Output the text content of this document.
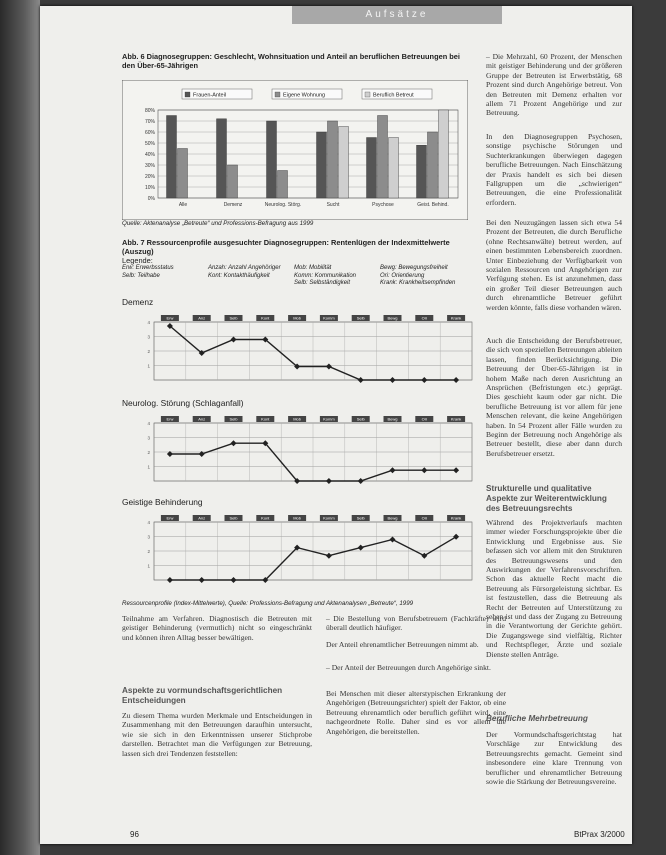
Aufsätze
Abb. 6 Diagnosegruppen: Geschlecht, Wohnsituation und Anteil an beruflichen Betreuungen bei den Über-65-Jährigen
Frauen-Anteil	Eigene Wohnung	Beruflich Betreut
0%
10%
20%
30%
40%
50%
60%
70%
80%
Alle	Demenz	Neurolog. Störg.	Sucht	Psychose	Geist. Behind.
Quelle: Aktenanalyse „Betreute“ und Professions-Befragung aus 1999
Abb. 7 Ressourcenprofile ausgesuchter Diagnosegruppen: Rentenlügen der Indexmittelwerte (Auszug)
Legende:
Erw: Erwerbsstatus	Anzah: Anzahl Angehöriger	Mob: Mobilität	Bewg: Bewegungsfreiheit
Selb: Teilhabe	Kont: Kontakthäufigkeit	Komm: Kommunikation	Ori: Orientierung
Selb: Selbständigkeit	Krank: Krankheitsempfinden
Demenz
4
3
2
1
Erw	Anz	Selb	Kont	Mob	Komm	Selb	Bewg	Ori	Krank
Neurolog. Störung (Schlaganfall)
4
3
2
1
Erw	Anz	Selb	Kont	Mob	Komm	Selb	Bewg	Ori	Krank
Geistige Behinderung
4
3
2
1
Erw	Anz	Selb	Kont	Mob	Komm	Selb	Bewg	Ori	Krank
Ressourcenprofile (Index-Mittelwerte), Quelle: Professions-Befragung und Aktenanalysen „Betreute“, 1999
Teilnahme am Verfahren. Diagnostisch die Betreuten mit geistiger Behinderung (vermutlich) nicht so eingeschränkt und können ihren Alltag besser bewältigen.
Aspekte zu vormundschaftsgerichtlichen Entscheidungen
Zu diesem Thema wurden Merkmale und Entscheidungen in Zusammenhang mit den Betreuungen daraufhin untersucht, wie sie sich in den Erkenntnissen unserer Stichprobe darstellen. Betrachtet man die Verfügungen zur Betreuung, lassen sich drei Tendenzen feststellen:
– Die Bestellung von Berufsbetreuern (Fachkräfte) wird überall deutlich häufiger.
Der Anteil ehrenamtlicher Betreuungen nimmt ab.
– Der Anteil der Betreuungen durch Angehörige sinkt.
Bei Menschen mit dieser alterstypischen Erkrankung der Angehörigen (Betreuungsrichter) spielt der Faktor, ob eine Betreuung ehrenamtlich oder beruflich geführt wird, eine nachgeordnete Rolle. Daher sind es vor allem die Angehörigen, die bereitstellen.
– Die Mehrzahl, 60 Prozent, der Menschen mit geistiger Behinderung und der größeren Gruppe der Betreuten ist Erwerbstätig, 68 Prozent sind durch Angehörige betreut. Von den Betreuten mit Demenz erhalten vor allem 71 Prozent Angehörige und zur Betreuung.
In den Diagnosegruppen Psychosen, sonstige psychische Störungen und Suchterkrankungen überwiegen dagegen berufliche Betreuungen. Nach Einschätzung der Praxis handelt es sich bei diesen Fallgruppen um die „schwierigen“ Betreuungen, die eine Professionalität erfordern.
Bei den Neuzugängen lassen sich etwa 54 Prozent der Betreuten, die durch Berufliche (ohne Rechtsanwälte) betreut werden, auf einen bestimmten Lebensbereich zuordnen. Unter Einbeziehung der Verfügbarkeit von sozialen Ressourcen und Angehörigen zur Verfügung stehen. Es ist anzunehmen, dass ein großer Teil dieser Betreuungen auch durch ehrenamtliche Betreuer geführt werden könnte, falls diese vorhanden wären.
Auch die Entscheidung der Berufsbetreuer, die sich von speziellen Betreuungen ableiten lassen, finden Berücksichtigung. Die Betreuung der Über-65-Jährigen ist in hohem Maße nach deren Ausrichtung an Ansprüchen (Befristungen etc.) geprägt. Dies geschieht kaum oder gar nicht. Die berufliche Betreuung ist vor allem für jene Menschen relevant, die keine Angehörigen haben. In 54 Prozent aller Fälle wurden zu Beginn der Betreuung noch Angehörige als Betreuer bestellt, diese aber dann durch Berufsbetreuer ersetzt.
Strukturelle und qualitative Aspekte zur Weiterentwicklung des Betreuungsrechts
Während des Projektverlaufs machten immer wieder Forschungsprojekte über die Entwicklung und Ergebnisse aus. Sie befassen sich vor allem mit den Strukturen des Betreuungswesens und den Auswirkungen der Verfahrensvorschriften. Schon das aktuelle Recht macht die Betreuung als Fürsorgeleistung sichtbar. Es ist festzustellen, dass die Betreuung als Recht der Betreuten auf Unterstützung zu sehen ist und dass der Zugang zu Betreuung in die Verantwortung der Gerichte gehört. Die Zugangswege sind vielfältig, Richter und Rechtspfleger, Ärzte und soziale Dienste stellen Anträge.
Berufliche Mehrbetreuung
Der Vormundschaftsgerichtstag hat Vorschläge zur Entwicklung des Betreuungsrechts gemacht. Gemeint sind insbesondere eine klare Trennung von beruflicher und ehrenamtlicher Betreuung sowie die Stärkung der Betreuungsvereine.
96	BtPrax 3/2000
